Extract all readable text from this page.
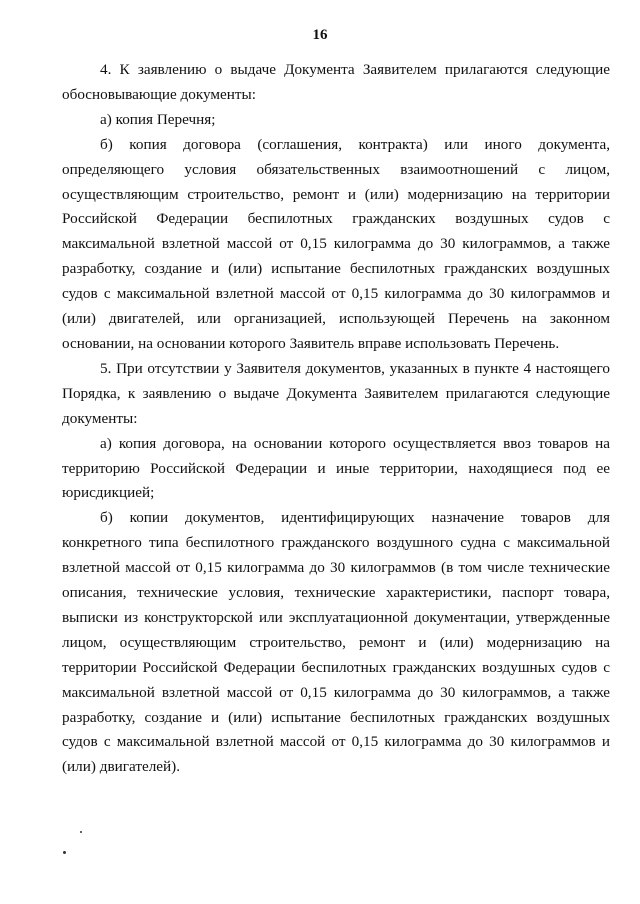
16

4. К заявлению о выдаче Документа Заявителем прилагаются следующие обосновывающие документы:

а) копия Перечня;

б) копия договора (соглашения, контракта) или иного документа, определяющего условия обязательственных взаимоотношений с лицом, осуществляющим строительство, ремонт и (или) модернизацию на территории Российской Федерации беспилотных гражданских воздушных судов с максимальной взлетной массой от 0,15 килограмма до 30 килограммов, а также разработку, создание и (или) испытание беспилотных гражданских воздушных судов с максимальной взлетной массой от 0,15 килограмма до 30 килограммов и (или) двигателей, или организацией, использующей Перечень на законном основании, на основании которого Заявитель вправе использовать Перечень.

5. При отсутствии у Заявителя документов, указанных в пункте 4 настоящего Порядка, к заявлению о выдаче Документа Заявителем прилагаются следующие документы:

а) копия договора, на основании которого осуществляется ввоз товаров на территорию Российской Федерации и иные территории, находящиеся под ее юрисдикцией;

б) копии документов, идентифицирующих назначение товаров для конкретного типа беспилотного гражданского воздушного судна с максимальной взлетной массой от 0,15 килограмма до 30 килограммов (в том числе технические описания, технические условия, технические характеристики, паспорт товара, выписки из конструкторской или эксплуатационной документации, утвержденные лицом, осуществляющим строительство, ремонт и (или) модернизацию на территории Российской Федерации беспилотных гражданских воздушных судов с максимальной взлетной массой от 0,15 килограмма до 30 килограммов, а также разработку, создание и (или) испытание беспилотных гражданских воздушных судов с максимальной взлетной массой от 0,15 килограмма до 30 килограммов и (или) двигателей).
